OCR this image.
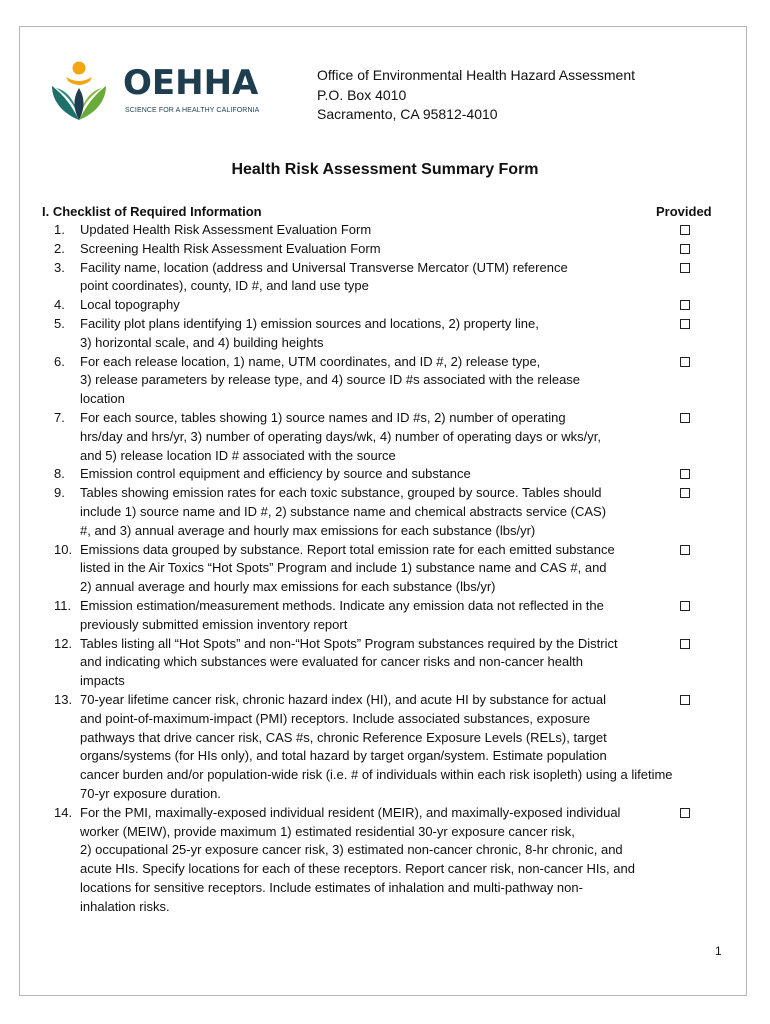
OEHHA
SCIENCE FOR A HEALTHY CALIFORNIA
Office of Environmental Health Hazard Assessment
P.O. Box 4010
Sacramento, CA 95812-4010
Health Risk Assessment Summary Form
I. Checklist of Required Information	Provided
1.	Updated Health Risk Assessment Evaluation Form
2.	Screening Health Risk Assessment Evaluation Form
3.	Facility name, location (address and Universal Transverse Mercator (UTM) reference
point coordinates), county, ID #, and land use type
4.	Local topography
5.	Facility plot plans identifying 1) emission sources and locations, 2) property line,
3) horizontal scale, and 4) building heights
6.	For each release location, 1) name, UTM coordinates, and ID #, 2) release type,
3) release parameters by release type, and 4) source ID #s associated with the release
location
7.	For each source, tables showing 1) source names and ID #s, 2) number of operating
hrs/day and hrs/yr, 3) number of operating days/wk, 4) number of operating days or wks/yr,
and 5) release location ID # associated with the source
8.	Emission control equipment and efficiency by source and substance
9.	Tables showing emission rates for each toxic substance, grouped by source. Tables should
include 1) source name and ID #, 2) substance name and chemical abstracts service (CAS)
#, and 3) annual average and hourly max emissions for each substance (lbs/yr)
10. Emissions data grouped by substance. Report total emission rate for each emitted substance
listed in the Air Toxics “Hot Spots” Program and include 1) substance name and CAS #, and
2) annual average and hourly max emissions for each substance (lbs/yr)
11. Emission estimation/measurement methods. Indicate any emission data not reflected in the
previously submitted emission inventory report
12. Tables listing all “Hot Spots” and non-“Hot Spots” Program substances required by the District
and indicating which substances were evaluated for cancer risks and non-cancer health
impacts
13. 70-year lifetime cancer risk, chronic hazard index (HI), and acute HI by substance for actual
and point-of-maximum-impact (PMI) receptors. Include associated substances, exposure
pathways that drive cancer risk, CAS #s, chronic Reference Exposure Levels (RELs), target
organs/systems (for HIs only), and total hazard by target organ/system. Estimate population
cancer burden and/or population-wide risk (i.e. # of individuals within each risk isopleth) using a lifetime
70-yr exposure duration.
14. For the PMI, maximally-exposed individual resident (MEIR), and maximally-exposed individual
worker (MEIW), provide maximum 1) estimated residential 30-yr exposure cancer risk,
2) occupational 25-yr exposure cancer risk, 3) estimated non-cancer chronic, 8-hr chronic, and
acute HIs. Specify locations for each of these receptors. Report cancer risk, non-cancer HIs, and
locations for sensitive receptors. Include estimates of inhalation and multi-pathway non-
inhalation risks.
1
